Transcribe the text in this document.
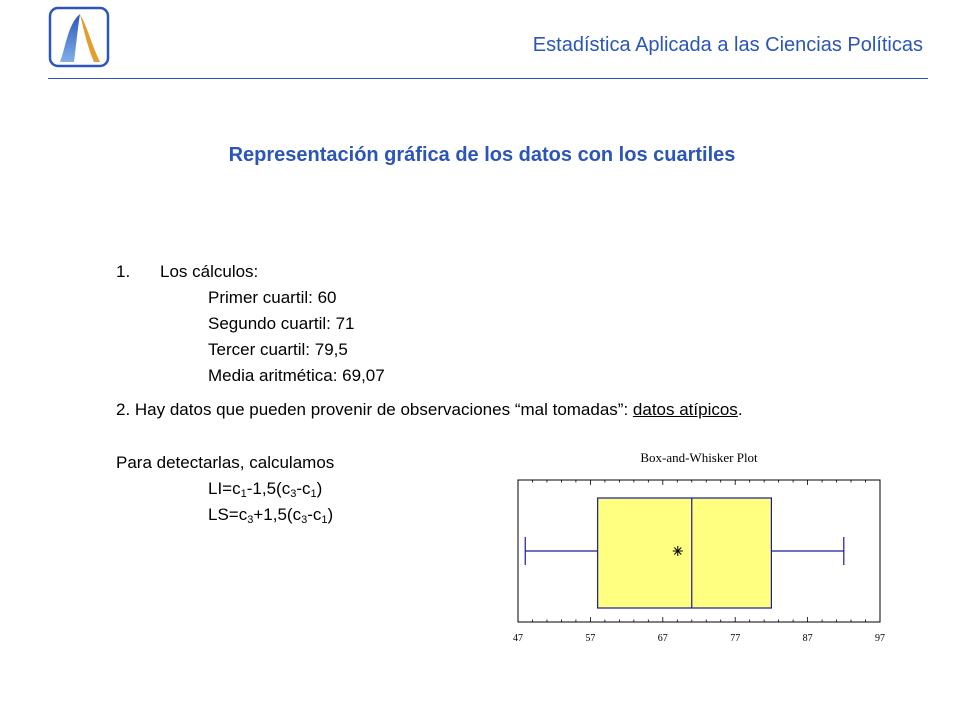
Estadística Aplicada a las Ciencias Políticas
Representación gráfica de los datos con los cuartiles
1. Los cálculos:
Primer cuartil: 60
Segundo cuartil: 71
Tercer cuartil: 79,5
Media aritmética: 69,07
2. Hay datos que pueden provenir de observaciones “mal tomadas”: datos atípicos.
Para detectarlas, calculamos
$LI=c_1-1,5(c_3-c_1)$
$LS=c_3+1,5(c_3-c_1)$
Box-and-Whisker Plot
47	57	67	77	87	97
